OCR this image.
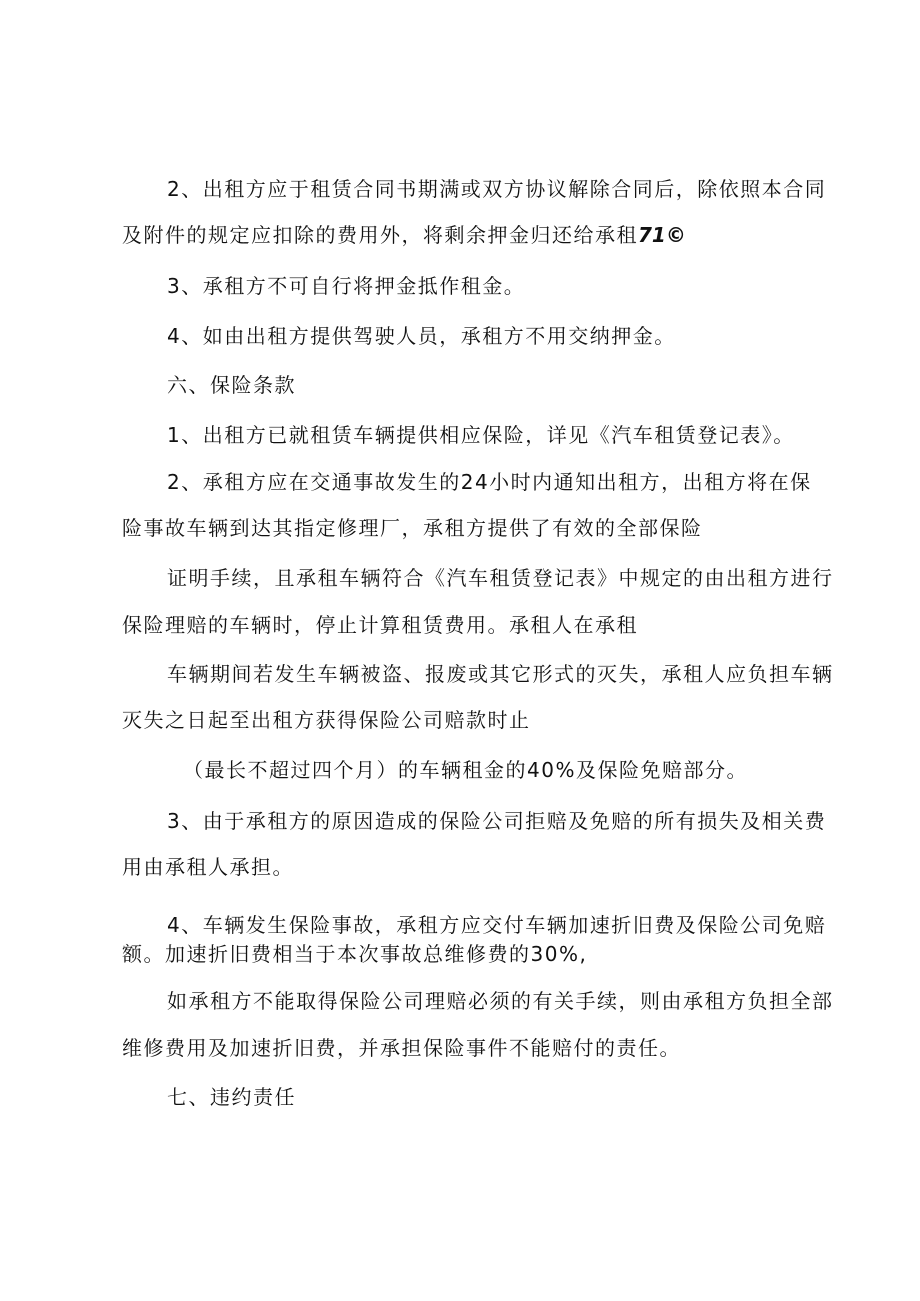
2、出租方应于租赁合同书期满或双方协议解除合同后，除依照本合同
及附件的规定应扣除的费用外，将剩余押金归还给承租71©
3、承租方不可自行将押金抵作租金。
4、如由出租方提供驾驶人员，承租方不用交纳押金。
六、保险条款
1、出租方已就租赁车辆提供相应保险，详见《汽车租赁登记表》。
2、承租方应在交通事故发生的24小时内通知出租方，出租方将在保
险事故车辆到达其指定修理厂，承租方提供了有效的全部保险
证明手续，且承租车辆符合《汽车租赁登记表》中规定的由出租方进行
保险理赔的车辆时，停止计算租赁费用。承租人在承租
车辆期间若发生车辆被盗、报废或其它形式的灭失，承租人应负担车辆
灭失之日起至出租方获得保险公司赔款时止
（最长不超过四个月）的车辆租金的40%及保险免赔部分。
3、由于承租方的原因造成的保险公司拒赔及免赔的所有损失及相关费
用由承租人承担。
4、车辆发生保险事故，承租方应交付车辆加速折旧费及保险公司免赔
额。加速折旧费相当于本次事故总维修费的30%,
如承租方不能取得保险公司理赔必须的有关手续，则由承租方负担全部
维修费用及加速折旧费，并承担保险事件不能赔付的责任。
七、违约责任
